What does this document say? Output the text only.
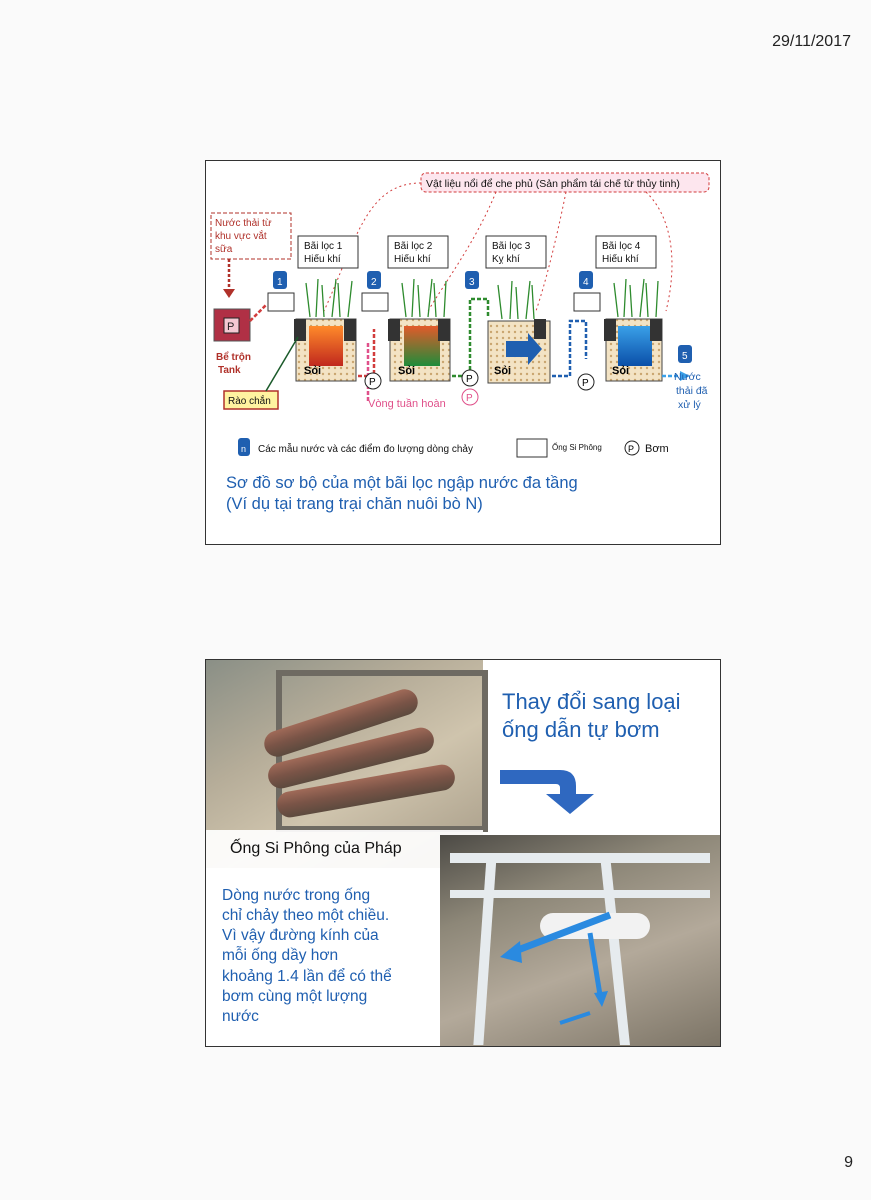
29/11/2017
Vật liệu nổi để che phủ (Sản phẩm tái chế từ thủy tinh)
Nước thải từ khu vực vắt sữa
P
Bể trộn Tank
Bãi lọc 1 Hiếu khí
Sỏi
Bãi lọc 2 Hiếu khí
Sỏi
Bãi lọc 3 Kỵ khí
Sỏi
Bãi lọc 4 Hiếu khí
Sỏi
1	2	3	4
5
P	P
P
P
Vòng tuần hoàn
Rào chắn
Nước thải đã xử lý
n Các mẫu nước và các điểm đo lượng dòng chảy	Ống Si Phông	P Bơm
Sơ đồ sơ bộ của một bãi lọc ngập nước đa tầng
(Ví dụ tại trang trại chăn nuôi bò N)
Ống Si Phông của Pháp
Thay đổi sang loại
ống dẫn tự bơm
Dòng nước trong ống
chỉ chảy theo một chiều.
Vì vậy đường kính của
mỗi ống dầy hơn
khoảng 1.4 lần để có thể
bơm cùng một lượng
nước
9
